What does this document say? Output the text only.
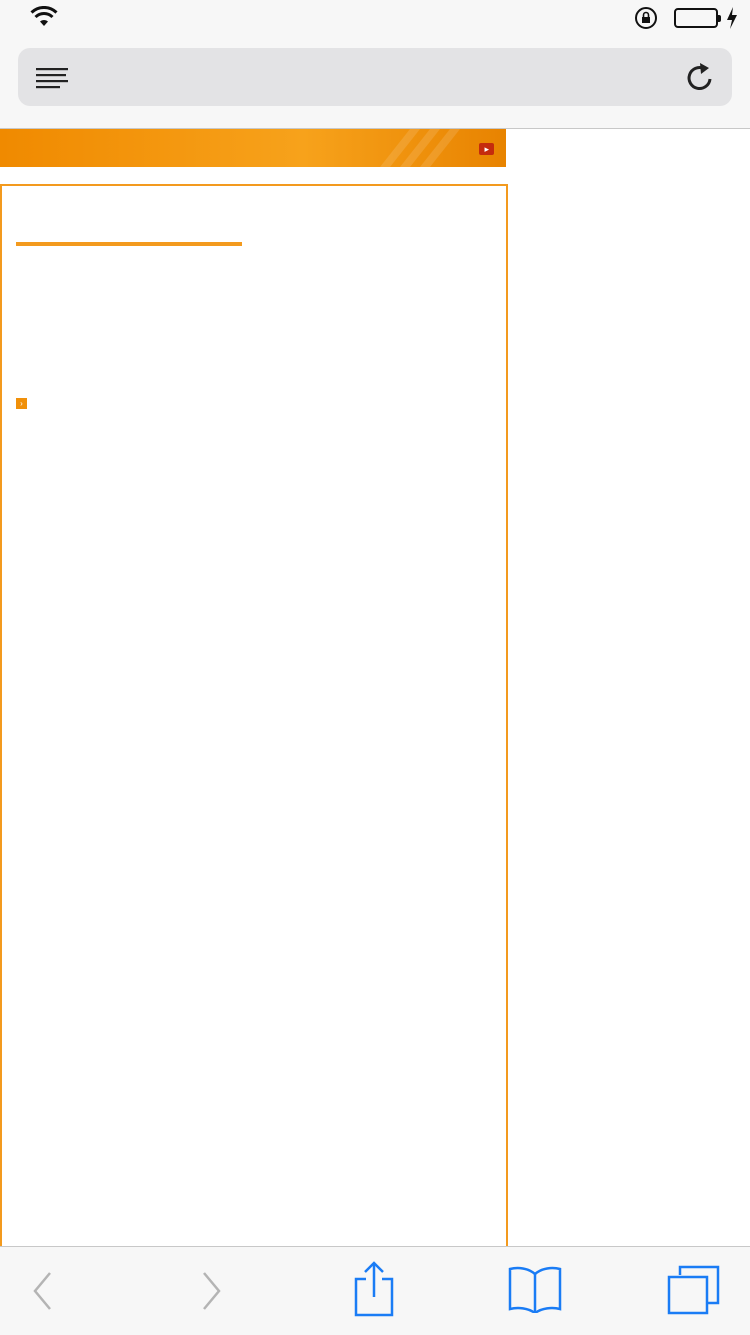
▸
›
